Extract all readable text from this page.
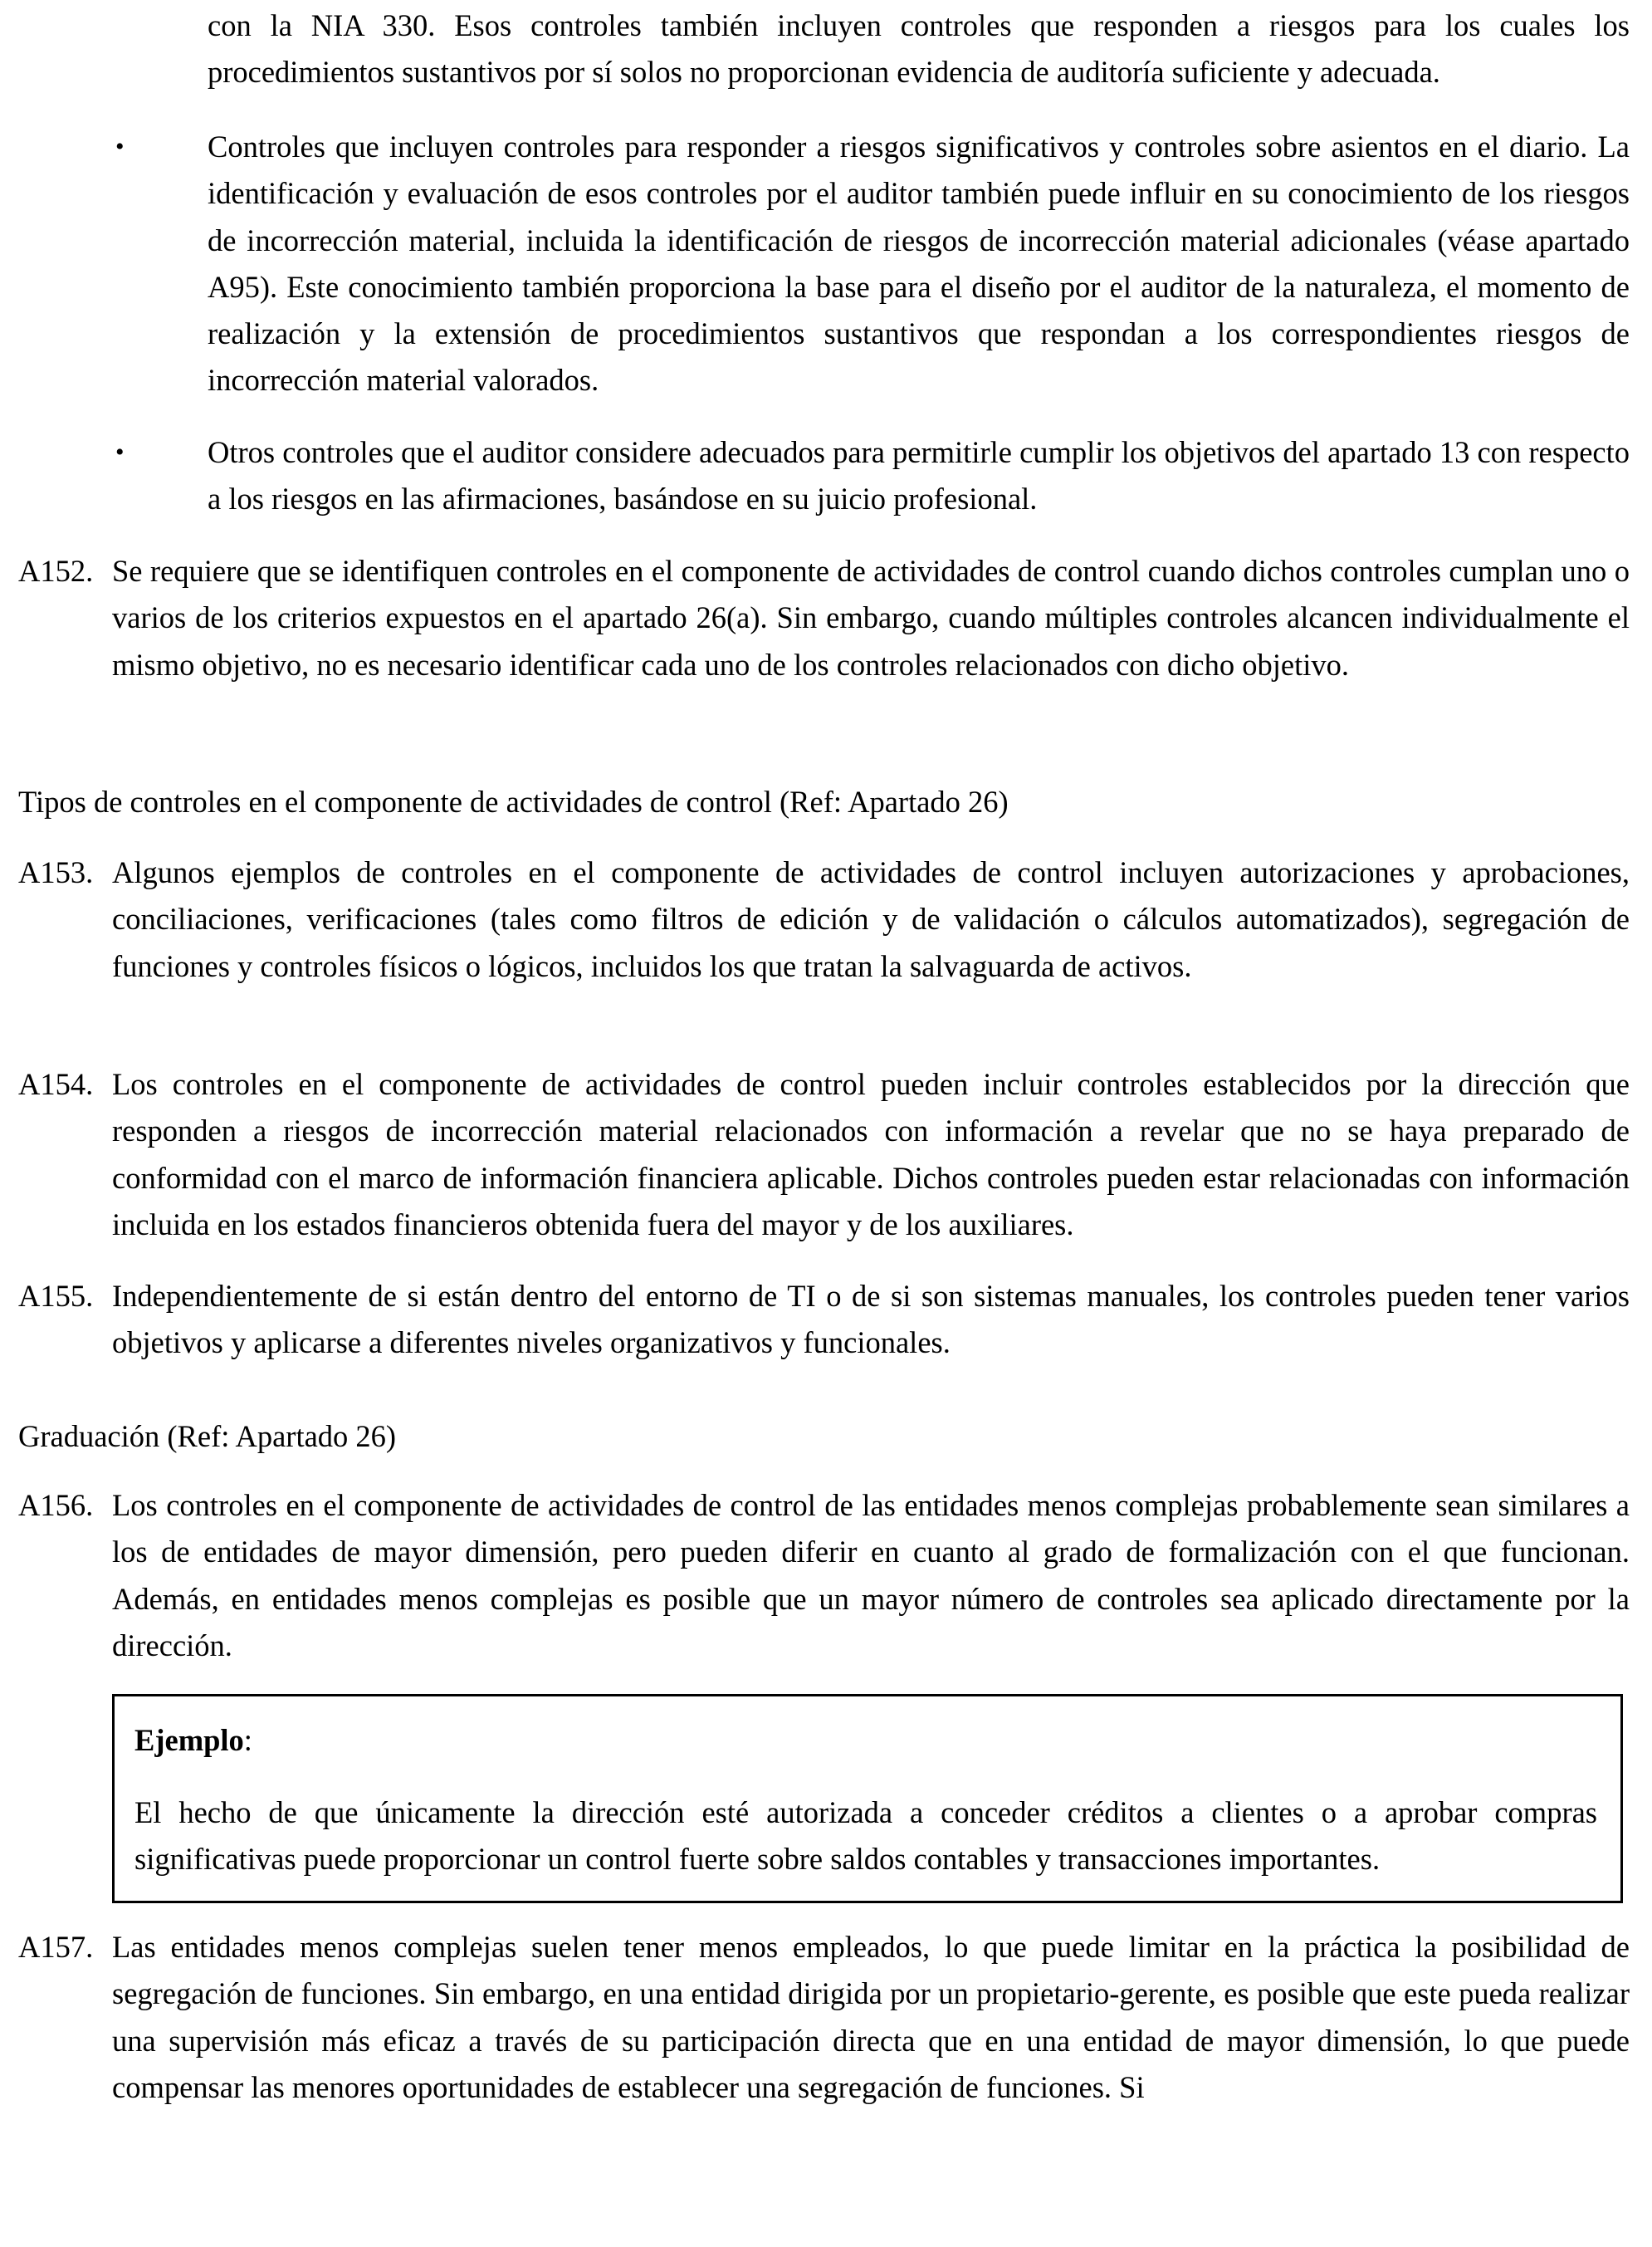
con la NIA 330. Esos controles también incluyen controles que responden a riesgos para los cuales los procedimientos sustantivos por sí solos no proporcionan evidencia de auditoría suficiente y adecuada.
•	Controles que incluyen controles para responder a riesgos significativos y controles sobre asientos en el diario. La identificación y evaluación de esos controles por el auditor también puede influir en su conocimiento de los riesgos de incorrección material, incluida la identificación de riesgos de incorrección material adicionales (véase apartado A95). Este conocimiento también proporciona la base para el diseño por el auditor de la naturaleza, el momento de realización y la extensión de procedimientos sustantivos que respondan a los correspondientes riesgos de incorrección material valorados.
•	Otros controles que el auditor considere adecuados para permitirle cumplir los objetivos del apartado 13 con respecto a los riesgos en las afirmaciones, basándose en su juicio profesional.
A152. Se requiere que se identifiquen controles en el componente de actividades de control cuando dichos controles cumplan uno o varios de los criterios expuestos en el apartado 26(a). Sin embargo, cuando múltiples controles alcancen individualmente el mismo objetivo, no es necesario identificar cada uno de los controles relacionados con dicho objetivo.
Tipos de controles en el componente de actividades de control (Ref: Apartado 26)
A153. Algunos ejemplos de controles en el componente de actividades de control incluyen autorizaciones y aprobaciones, conciliaciones, verificaciones (tales como filtros de edición y de validación o cálculos automatizados), segregación de funciones y controles físicos o lógicos, incluidos los que tratan la salvaguarda de activos.
A154. Los controles en el componente de actividades de control pueden incluir controles establecidos por la dirección que responden a riesgos de incorrección material relacionados con información a revelar que no se haya preparado de conformidad con el marco de información financiera aplicable. Dichos controles pueden estar relacionadas con información incluida en los estados financieros obtenida fuera del mayor y de los auxiliares.
A155. Independientemente de si están dentro del entorno de TI o de si son sistemas manuales, los controles pueden tener varios objetivos y aplicarse a diferentes niveles organizativos y funcionales.
Graduación (Ref: Apartado 26)
A156. Los controles en el componente de actividades de control de las entidades menos complejas probablemente sean similares a los de entidades de mayor dimensión, pero pueden diferir en cuanto al grado de formalización con el que funcionan. Además, en entidades menos complejas es posible que un mayor número de controles sea aplicado directamente por la dirección.
Ejemplo:
El hecho de que únicamente la dirección esté autorizada a conceder créditos a clientes o a aprobar compras significativas puede proporcionar un control fuerte sobre saldos contables y transacciones importantes.
A157. Las entidades menos complejas suelen tener menos empleados, lo que puede limitar en la práctica la posibilidad de segregación de funciones. Sin embargo, en una entidad dirigida por un propietario-gerente, es posible que este pueda realizar una supervisión más eficaz a través de su participación directa que en una entidad de mayor dimensión, lo que puede compensar las menores oportunidades de establecer una segregación de funciones. Si
